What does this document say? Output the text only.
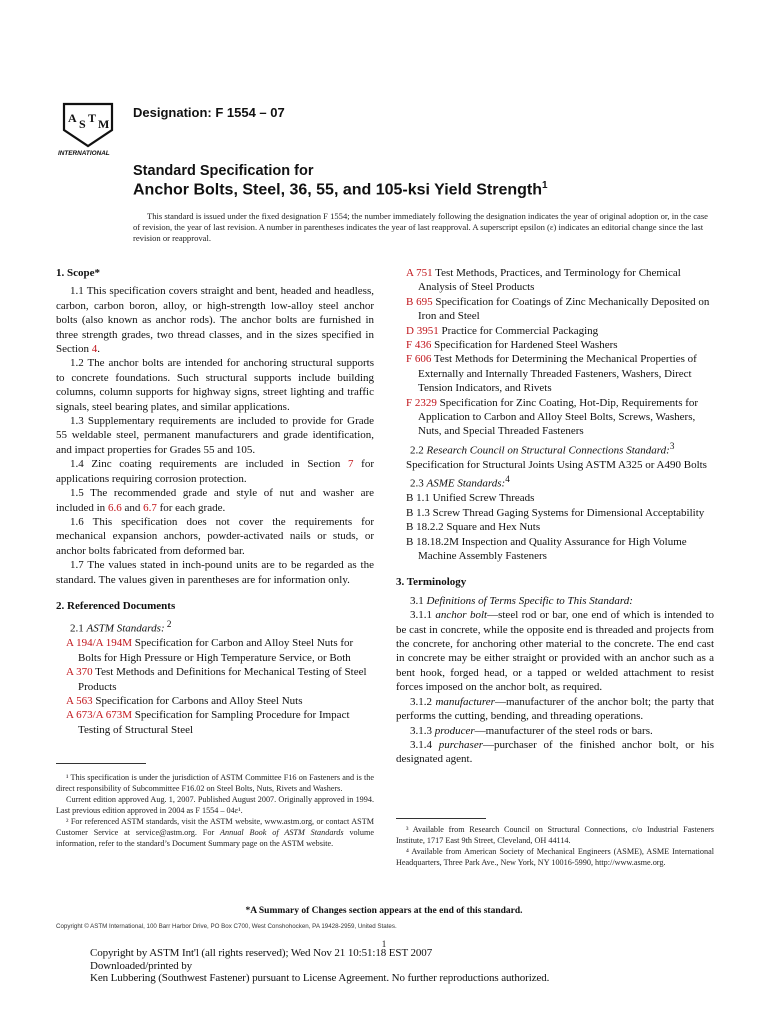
A S T M
INTERNATIONAL
Designation: F 1554 – 07
Standard Specification for
Anchor Bolts, Steel, 36, 55, and 105-ksi Yield Strength$^1$

This standard is issued under the fixed designation F 1554; the number immediately following the designation indicates the year of original adoption or, in the case of revision, the year of last revision. A number in parentheses indicates the year of last reapproval. A superscript epsilon (ε) indicates an editorial change since the last revision or reapproval.

1. Scope*

1.1 This specification covers straight and bent, headed and headless, carbon, carbon boron, alloy, or high-strength low-alloy steel anchor bolts (also known as anchor rods). The anchor bolts are furnished in three strength grades, two thread classes, and in the sizes specified in Section 4.

1.2 The anchor bolts are intended for anchoring structural supports to concrete foundations. Such structural supports include building columns, column supports for highway signs, street lighting and traffic signals, steel bearing plates, and similar applications.

1.3 Supplementary requirements are included to provide for Grade 55 weldable steel, permanent manufacturers and grade identification, and impact properties for Grades 55 and 105.

1.4 Zinc coating requirements are included in Section 7 for applications requiring corrosion protection.

1.5 The recommended grade and style of nut and washer are included in 6.6 and 6.7 for each grade.

1.6 This specification does not cover the requirements for mechanical expansion anchors, powder-activated nails or studs, or anchor bolts fabricated from deformed bar.

1.7 The values stated in inch-pound units are to be regarded as the standard. The values given in parentheses are for information only.

2. Referenced Documents

2.1 ASTM Standards: $^2$

A 194/A 194M Specification for Carbon and Alloy Steel Nuts for Bolts for High Pressure or High Temperature Service, or Both

A 370 Test Methods and Definitions for Mechanical Testing of Steel Products

A 563 Specification for Carbons and Alloy Steel Nuts

A 673/A 673M Specification for Sampling Procedure for Impact Testing of Structural Steel

A 751 Test Methods, Practices, and Terminology for Chemical Analysis of Steel Products

B 695 Specification for Coatings of Zinc Mechanically Deposited on Iron and Steel

D 3951 Practice for Commercial Packaging

F 436 Specification for Hardened Steel Washers

F 606 Test Methods for Determining the Mechanical Properties of Externally and Internally Threaded Fasteners, Washers, Direct Tension Indicators, and Rivets

F 2329 Specification for Zinc Coating, Hot-Dip, Requirements for Application to Carbon and Alloy Steel Bolts, Screws, Washers, Nuts, and Special Threaded Fasteners

2.2 Research Council on Structural Connections Standard:$^3$

Specification for Structural Joints Using ASTM A325 or A490 Bolts

2.3 ASME Standards:$^4$

B 1.1 Unified Screw Threads

B 1.3 Screw Thread Gaging Systems for Dimensional Acceptability

B 18.2.2 Square and Hex Nuts

B 18.18.2M Inspection and Quality Assurance for High Volume Machine Assembly Fasteners

3. Terminology

3.1 Definitions of Terms Specific to This Standard:

3.1.1 anchor bolt—steel rod or bar, one end of which is intended to be cast in concrete, while the opposite end is threaded and projects from the concrete, for anchoring other material to the concrete. The end cast in concrete may be either straight or provided with an anchor such as a bent hook, forged head, or a tapped or welded attachment to resist forces imposed on the anchor bolt, as required.

3.1.2 manufacturer—manufacturer of the anchor bolt; the party that performs the cutting, bending, and threading operations.

3.1.3 producer—manufacturer of the steel rods or bars.

3.1.4 purchaser—purchaser of the finished anchor bolt, or his designated agent.

¹ This specification is under the jurisdiction of ASTM Committee F16 on Fasteners and is the direct responsibility of Subcommittee F16.02 on Steel Bolts, Nuts, Rivets and Washers.

Current edition approved Aug. 1, 2007. Published August 2007. Originally approved in 1994. Last previous edition approved in 2004 as F 1554 – 04ε¹.

² For referenced ASTM standards, visit the ASTM website, www.astm.org, or contact ASTM Customer Service at service@astm.org. For Annual Book of ASTM Standards volume information, refer to the standard’s Document Summary page on the ASTM website.

³ Available from Research Council on Structural Connections, c/o Industrial Fasteners Institute, 1717 East 9th Street, Cleveland, OH 44114.

⁴ Available from American Society of Mechanical Engineers (ASME), ASME International Headquarters, Three Park Ave., New York, NY 10016-5990, http://www.asme.org.

*A Summary of Changes section appears at the end of this standard.
Copyright © ASTM International, 100 Barr Harbor Drive, PO Box C700, West Conshohocken, PA 19428-2959, United States.
1
Copyright by ASTM Int'l (all rights reserved); Wed Nov 21 10:51:18 EST 2007
Downloaded/printed by
Ken Lubbering (Southwest Fastener) pursuant to License Agreement. No further reproductions authorized.
